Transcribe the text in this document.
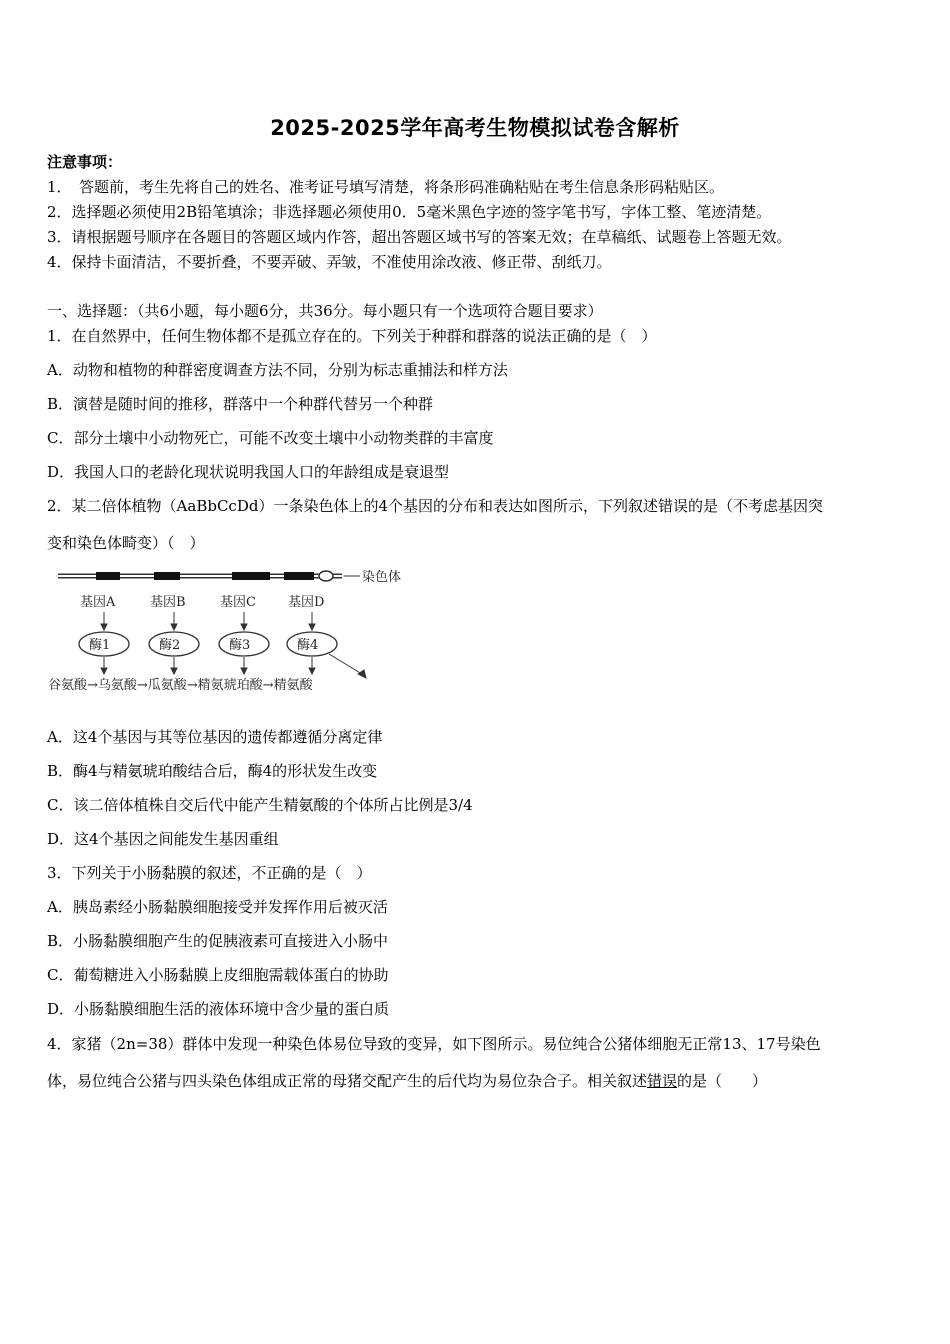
2025-2025学年高考生物模拟试卷含解析
注意事项：
1．　答题前，考生先将自己的姓名、准考证号填写清楚，将条形码准确粘贴在考生信息条形码粘贴区。
2．选择题必须使用2B铅笔填涂；非选择题必须使用0．5毫米黑色字迹的签字笔书写，字体工整、笔迹清楚。
3．请根据题号顺序在各题目的答题区域内作答，超出答题区域书写的答案无效；在草稿纸、试题卷上答题无效。
4．保持卡面清洁，不要折叠，不要弄破、弄皱，不准使用涂改液、修正带、刮纸刀。
一、选择题：（共6小题，每小题6分，共36分。每小题只有一个选项符合题目要求）
1．在自然界中，任何生物体都不是孤立存在的。下列关于种群和群落的说法正确的是（　）
A．动物和植物的种群密度调查方法不同，分别为标志重捕法和样方法
B．演替是随时间的推移，群落中一个种群代替另一个种群
C．部分土壤中小动物死亡，可能不改变土壤中小动物类群的丰富度
D．我国人口的老龄化现状说明我国人口的年龄组成是衰退型
2．某二倍体植物（AaBbCcDd）一条染色体上的4个基因的分布和表达如图所示，下列叙述错误的是（不考虑基因突
变和染色体畸变）（　）
染色体
基因A	基因B	基因C 基因D
酶1	酶2	酶3	酶4
谷氨酸→乌氨酸→瓜氨酸→精氨琥珀酸→精氨酸
A．这4个基因与其等位基因的遗传都遵循分离定律
B．酶4与精氨琥珀酸结合后，酶4的形状发生改变
C．该二倍体植株自交后代中能产生精氨酸的个体所占比例是3/4
D．这4个基因之间能发生基因重组
3．下列关于小肠黏膜的叙述，不正确的是（　）
A．胰岛素经小肠黏膜细胞接受并发挥作用后被灭活
B．小肠黏膜细胞产生的促胰液素可直接进入小肠中
C．葡萄糖进入小肠黏膜上皮细胞需载体蛋白的协助
D．小肠黏膜细胞生活的液体环境中含少量的蛋白质
4．家猪（2n=38）群体中发现一种染色体易位导致的变异，如下图所示。易位纯合公猪体细胞无正常13、17号染色
体，易位纯合公猪与四头染色体组成正常的母猪交配产生的后代均为易位杂合子。相关叙述错误的是（　　）
